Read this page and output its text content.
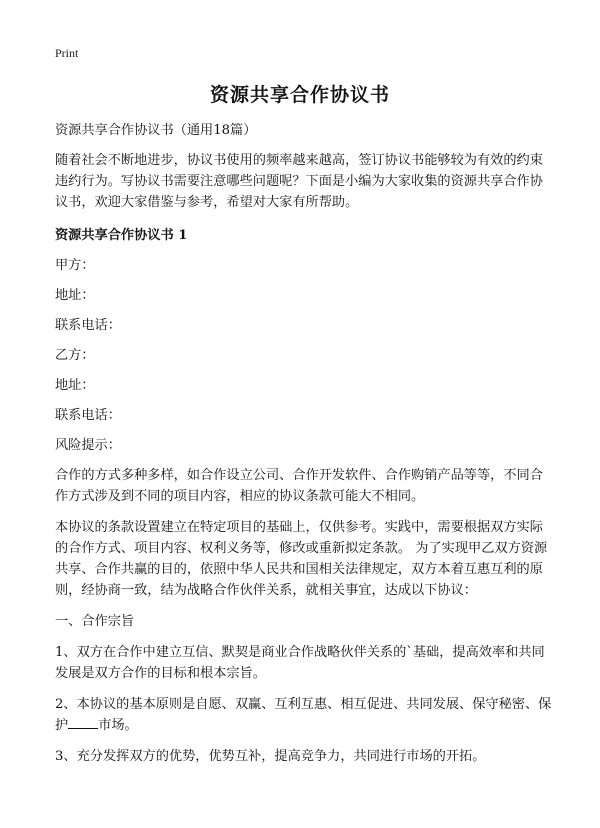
Print
资源共享合作协议书

资源共享合作协议书（通用18篇）

随着社会不断地进步，协议书使用的频率越来越高，签订协议书能够较为有效的约束违约行为。写协议书需要注意哪些问题呢？下面是小编为大家收集的资源共享合作协议书，欢迎大家借鉴与参考，希望对大家有所帮助。

资源共享合作协议书 1

甲方：

地址：

联系电话：

乙方：

地址：

联系电话：

风险提示：

合作的方式多种多样，如合作设立公司、合作开发软件、合作购销产品等等，不同合作方式涉及到不同的项目内容，相应的协议条款可能大不相同。

本协议的条款设置建立在特定项目的基础上，仅供参考。实践中，需要根据双方实际的合作方式、项目内容、权利义务等，修改或重新拟定条款。 为了实现甲乙双方资源共享、合作共赢的目的，依照中华人民共和国相关法律规定，双方本着互惠互利的原则，经协商一致，结为战略合作伙伴关系，就相关事宜，达成以下协议：

一、合作宗旨

1、双方在合作中建立互信、默契是商业合作战略伙伴关系的`基础，提高效率和共同发展是双方合作的目标和根本宗旨。

2、本协议的基本原则是自愿、双赢、互利互惠、相互促进、共同发展、保守秘密、保护 市场。

3、充分发挥双方的优势，优势互补，提高竞争力，共同进行市场的开拓。
